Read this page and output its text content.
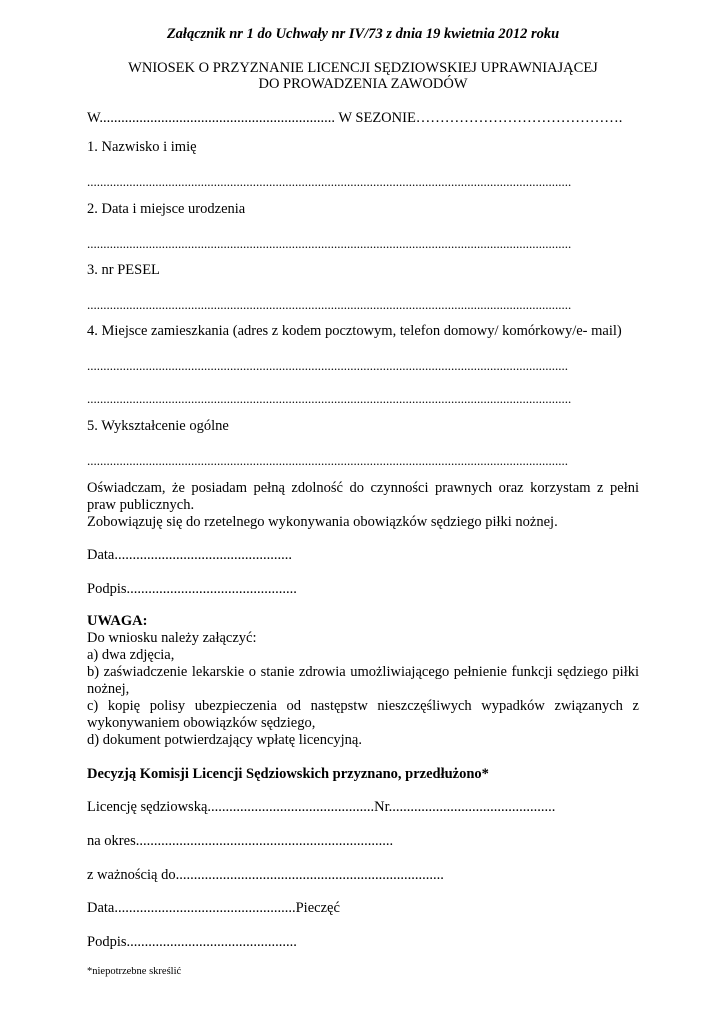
Załącznik nr 1 do Uchwały nr IV/73 z dnia 19 kwietnia 2012 roku
WNIOSEK O PRZYZNANIE LICENCJI SĘDZIOWSKIEJ UPRAWNIAJĄCEJ
DO PROWADZENIA ZAWODÓW
W................................................................. W SEZONIE…………………………………….
1. Nazwisko i imię
.....................................................................................................................................................
2. Data i miejsce urodzenia
.....................................................................................................................................................
3. nr PESEL
.....................................................................................................................................................
4. Miejsce zamieszkania (adres z kodem pocztowym, telefon domowy/ komórkowy/e- mail)
....................................................................................................................................................
.....................................................................................................................................................
5. Wykształcenie ogólne
....................................................................................................................................................
Oświadczam, że posiadam pełną zdolność do czynności prawnych oraz korzystam z pełni
praw publicznych.
Zobowiązuję się do rzetelnego wykonywania obowiązków sędziego piłki nożnej.
Data.................................................
Podpis...............................................
UWAGA:
Do wniosku należy załączyć:
a) dwa zdjęcia,
b) zaświadczenie lekarskie o stanie zdrowia umożliwiającego pełnienie funkcji sędziego piłki
nożnej,
c) kopię polisy ubezpieczenia od następstw nieszczęśliwych wypadków związanych z
wykonywaniem obowiązków sędziego,
d) dokument potwierdzający wpłatę licencyjną.
Decyzją Komisji Licencji Sędziowskich przyznano, przedłużono*
Licencję sędziowską..............................................Nr..............................................
na okres.......................................................................
z ważnością do..........................................................................
Data..................................................Pieczęć
Podpis...............................................
*niepotrzebne skreślić
